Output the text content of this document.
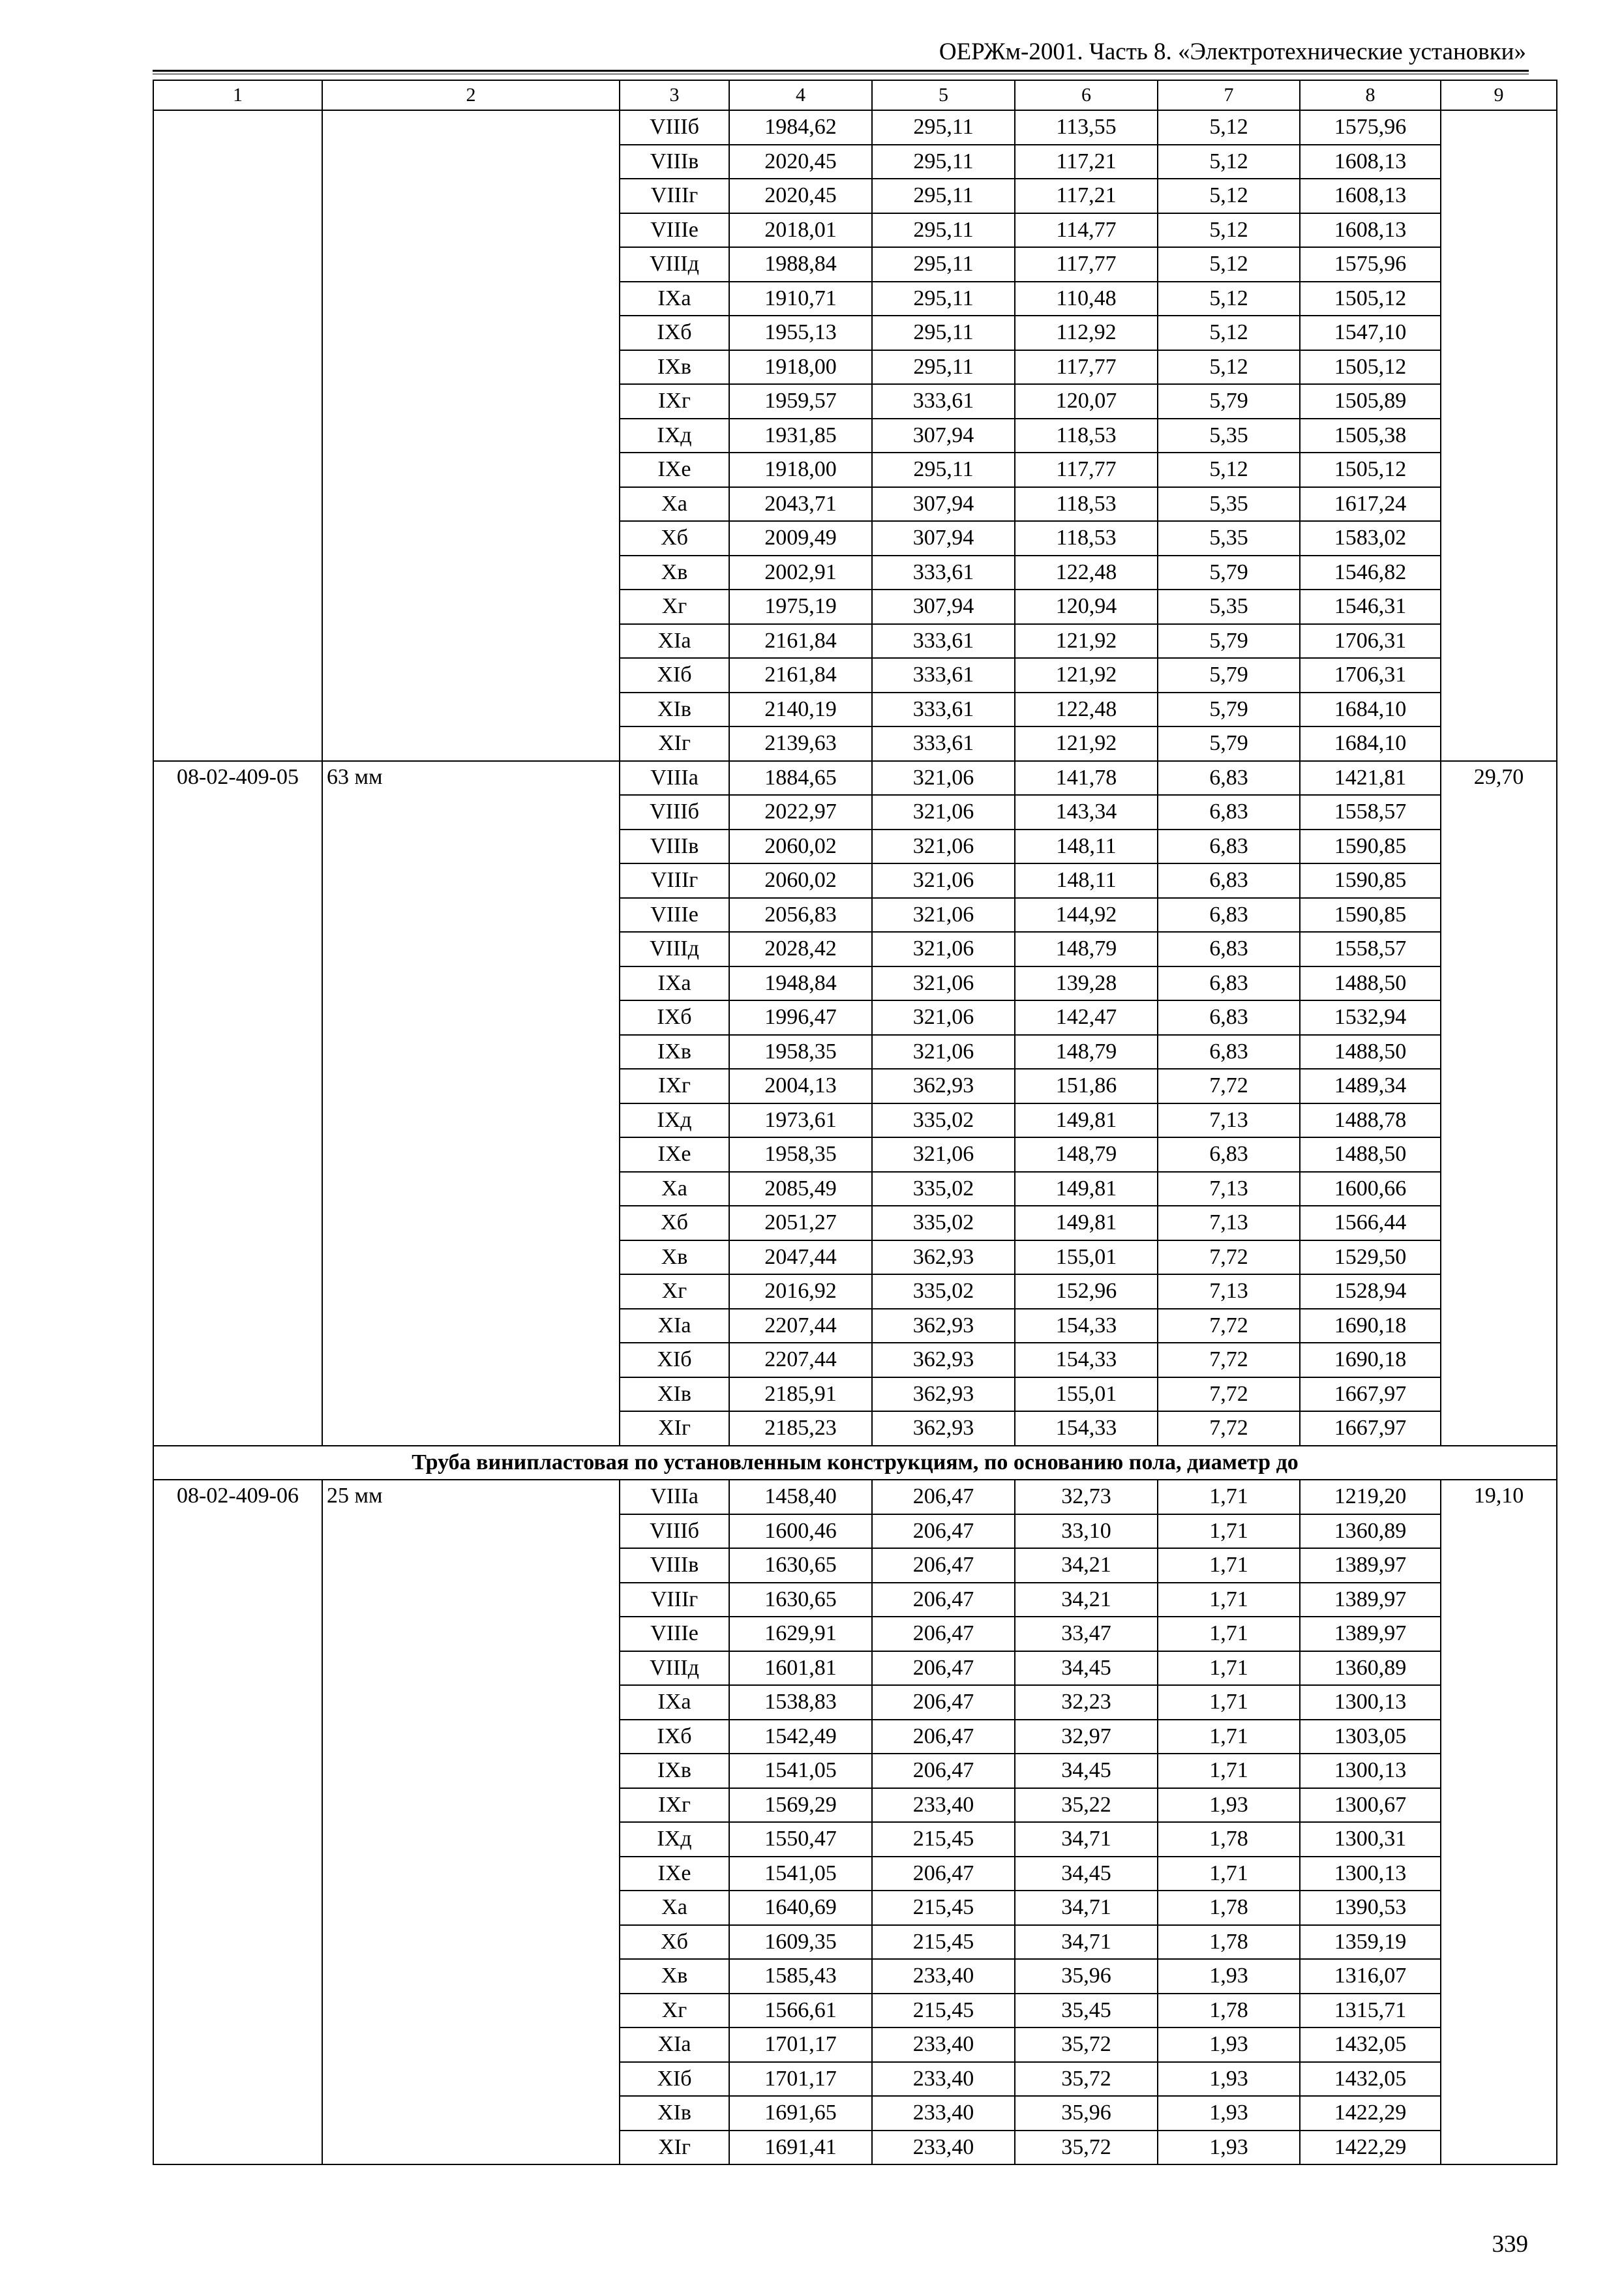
ОЕРЖм-2001. Часть 8. «Электротехнические установки»
1	2	3	4	5	6	7	8	9
		VIIIб	1984,62	295,11	113,55	5,12	1575,96	
		VIIIв	2020,45	295,11	117,21	5,12	1608,13	
		VIIIг	2020,45	295,11	117,21	5,12	1608,13	
		VIIIе	2018,01	295,11	114,77	5,12	1608,13	
		VIIIд	1988,84	295,11	117,77	5,12	1575,96	
		IXа	1910,71	295,11	110,48	5,12	1505,12	
		IXб	1955,13	295,11	112,92	5,12	1547,10	
		IXв	1918,00	295,11	117,77	5,12	1505,12	
		IXг	1959,57	333,61	120,07	5,79	1505,89	
		IXд	1931,85	307,94	118,53	5,35	1505,38	
		IXе	1918,00	295,11	117,77	5,12	1505,12	
		Xа	2043,71	307,94	118,53	5,35	1617,24	
		Xб	2009,49	307,94	118,53	5,35	1583,02	
		Xв	2002,91	333,61	122,48	5,79	1546,82	
		Xг	1975,19	307,94	120,94	5,35	1546,31	
		XIа	2161,84	333,61	121,92	5,79	1706,31	
		XIб	2161,84	333,61	121,92	5,79	1706,31	
		XIв	2140,19	333,61	122,48	5,79	1684,10	
		XIг	2139,63	333,61	121,92	5,79	1684,10	
08-02-409-05	63 мм	VIIIа	1884,65	321,06	141,78	6,83	1421,81	29,70
		VIIIб	2022,97	321,06	143,34	6,83	1558,57	
		VIIIв	2060,02	321,06	148,11	6,83	1590,85	
		VIIIг	2060,02	321,06	148,11	6,83	1590,85	
		VIIIе	2056,83	321,06	144,92	6,83	1590,85	
		VIIIд	2028,42	321,06	148,79	6,83	1558,57	
		IXа	1948,84	321,06	139,28	6,83	1488,50	
		IXб	1996,47	321,06	142,47	6,83	1532,94	
		IXв	1958,35	321,06	148,79	6,83	1488,50	
		IXг	2004,13	362,93	151,86	7,72	1489,34	
		IXд	1973,61	335,02	149,81	7,13	1488,78	
		IXе	1958,35	321,06	148,79	6,83	1488,50	
		Xа	2085,49	335,02	149,81	7,13	1600,66	
		Xб	2051,27	335,02	149,81	7,13	1566,44	
		Xв	2047,44	362,93	155,01	7,72	1529,50	
		Xг	2016,92	335,02	152,96	7,13	1528,94	
		XIа	2207,44	362,93	154,33	7,72	1690,18	
		XIб	2207,44	362,93	154,33	7,72	1690,18	
		XIв	2185,91	362,93	155,01	7,72	1667,97	
		XIг	2185,23	362,93	154,33	7,72	1667,97	
Труба винипластовая по установленным конструкциям, по основанию пола, диаметр до								
08-02-409-06	25 мм	VIIIа	1458,40	206,47	32,73	1,71	1219,20	19,10
		VIIIб	1600,46	206,47	33,10	1,71	1360,89	
		VIIIв	1630,65	206,47	34,21	1,71	1389,97	
		VIIIг	1630,65	206,47	34,21	1,71	1389,97	
		VIIIе	1629,91	206,47	33,47	1,71	1389,97	
		VIIIд	1601,81	206,47	34,45	1,71	1360,89	
		IXа	1538,83	206,47	32,23	1,71	1300,13	
		IXб	1542,49	206,47	32,97	1,71	1303,05	
		IXв	1541,05	206,47	34,45	1,71	1300,13	
		IXг	1569,29	233,40	35,22	1,93	1300,67	
		IXд	1550,47	215,45	34,71	1,78	1300,31	
		IXе	1541,05	206,47	34,45	1,71	1300,13	
		Xа	1640,69	215,45	34,71	1,78	1390,53	
		Xб	1609,35	215,45	34,71	1,78	1359,19	
		Xв	1585,43	233,40	35,96	1,93	1316,07	
		Xг	1566,61	215,45	35,45	1,78	1315,71	
		XIа	1701,17	233,40	35,72	1,93	1432,05	
		XIб	1701,17	233,40	35,72	1,93	1432,05	
		XIв	1691,65	233,40	35,96	1,93	1422,29	
		XIг	1691,41	233,40	35,72	1,93	1422,29	
339
